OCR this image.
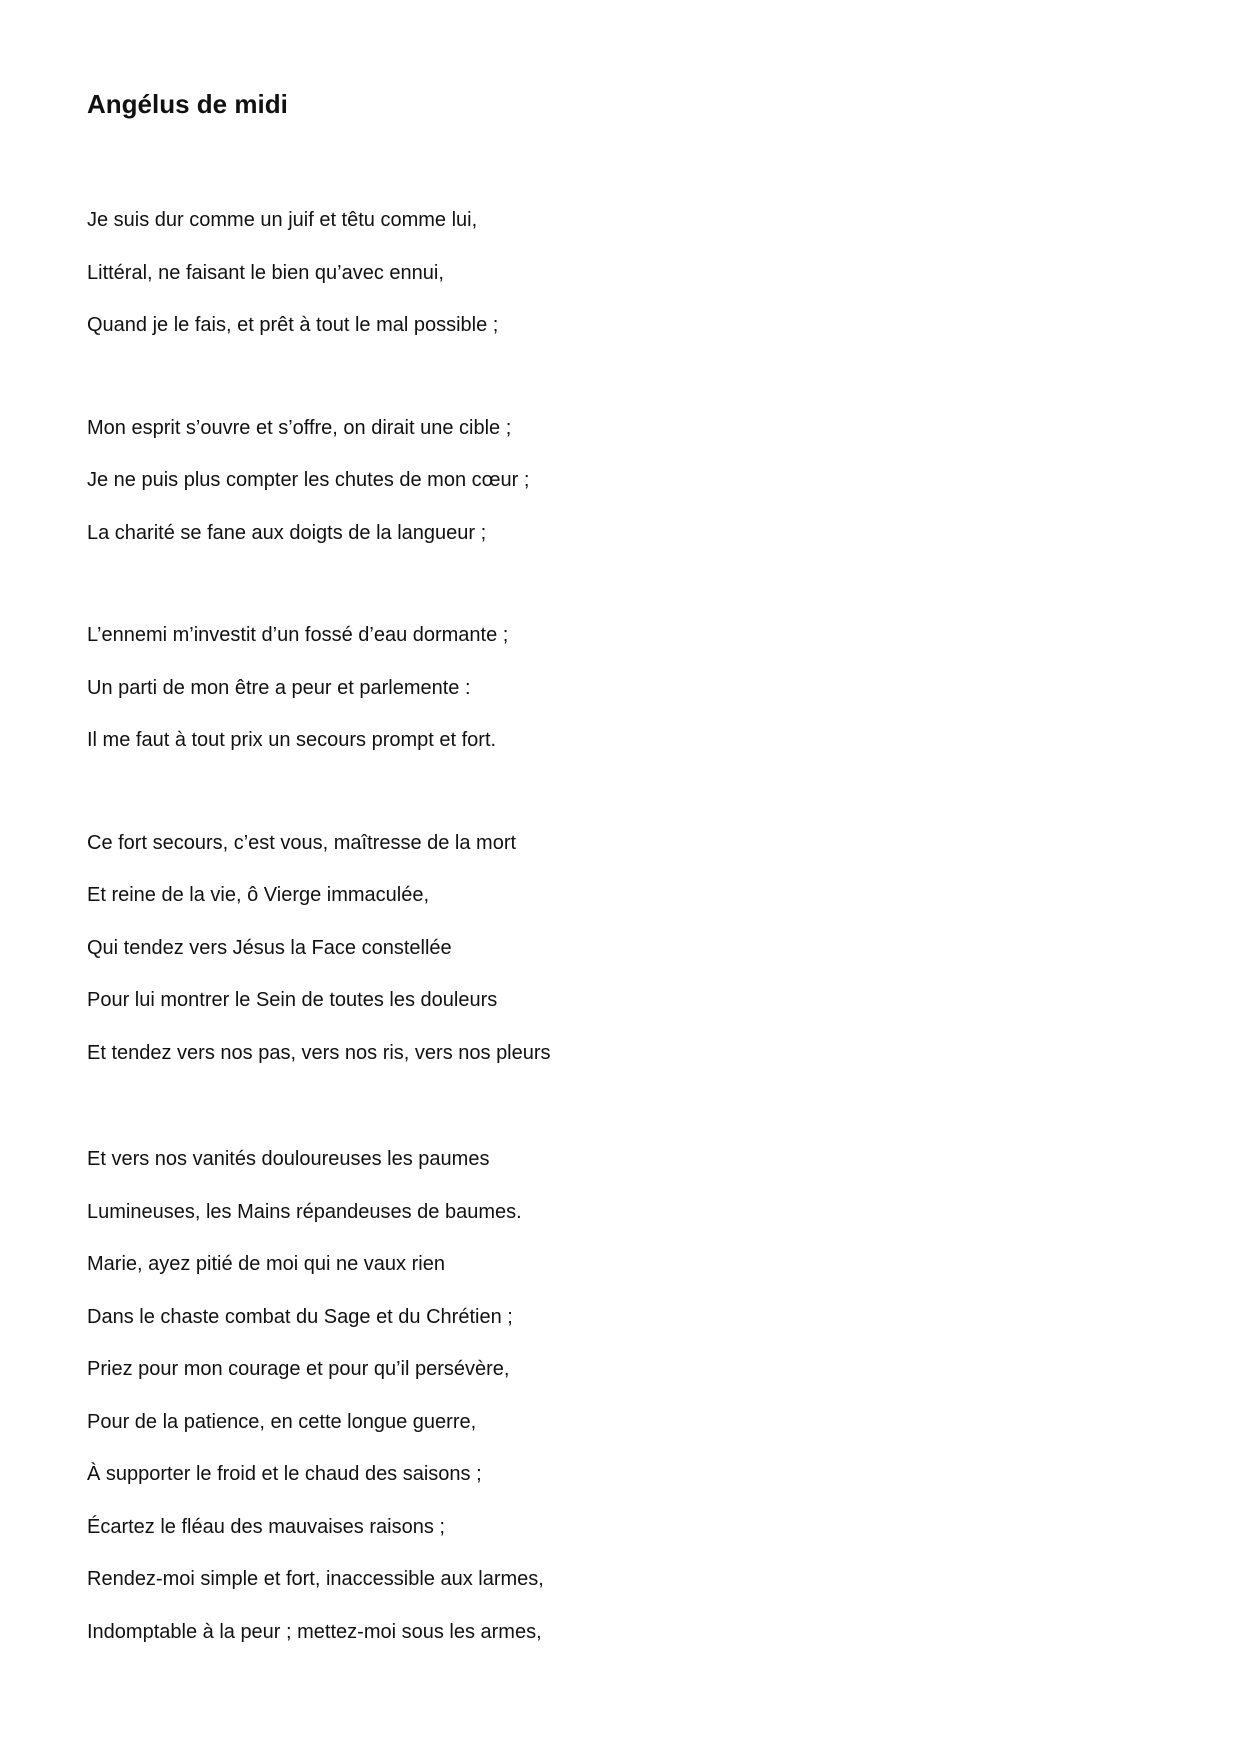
Angélus de midi
Je suis dur comme un juif et têtu comme lui,
Littéral, ne faisant le bien qu’avec ennui,
Quand je le fais, et prêt à tout le mal possible ;
Mon esprit s’ouvre et s’offre, on dirait une cible ;
Je ne puis plus compter les chutes de mon cœur ;
La charité se fane aux doigts de la langueur ;
L’ennemi m’investit d’un fossé d’eau dormante ;
Un parti de mon être a peur et parlemente :
Il me faut à tout prix un secours prompt et fort.
Ce fort secours, c’est vous, maîtresse de la mort
Et reine de la vie, ô Vierge immaculée,
Qui tendez vers Jésus la Face constellée
Pour lui montrer le Sein de toutes les douleurs
Et tendez vers nos pas, vers nos ris, vers nos pleurs
Et vers nos vanités douloureuses les paumes
Lumineuses, les Mains répandeuses de baumes.
Marie, ayez pitié de moi qui ne vaux rien
Dans le chaste combat du Sage et du Chrétien ;
Priez pour mon courage et pour qu’il persévère,
Pour de la patience, en cette longue guerre,
À supporter le froid et le chaud des saisons ;
Écartez le fléau des mauvaises raisons ;
Rendez-moi simple et fort, inaccessible aux larmes,
Indomptable à la peur ; mettez-moi sous les armes,
